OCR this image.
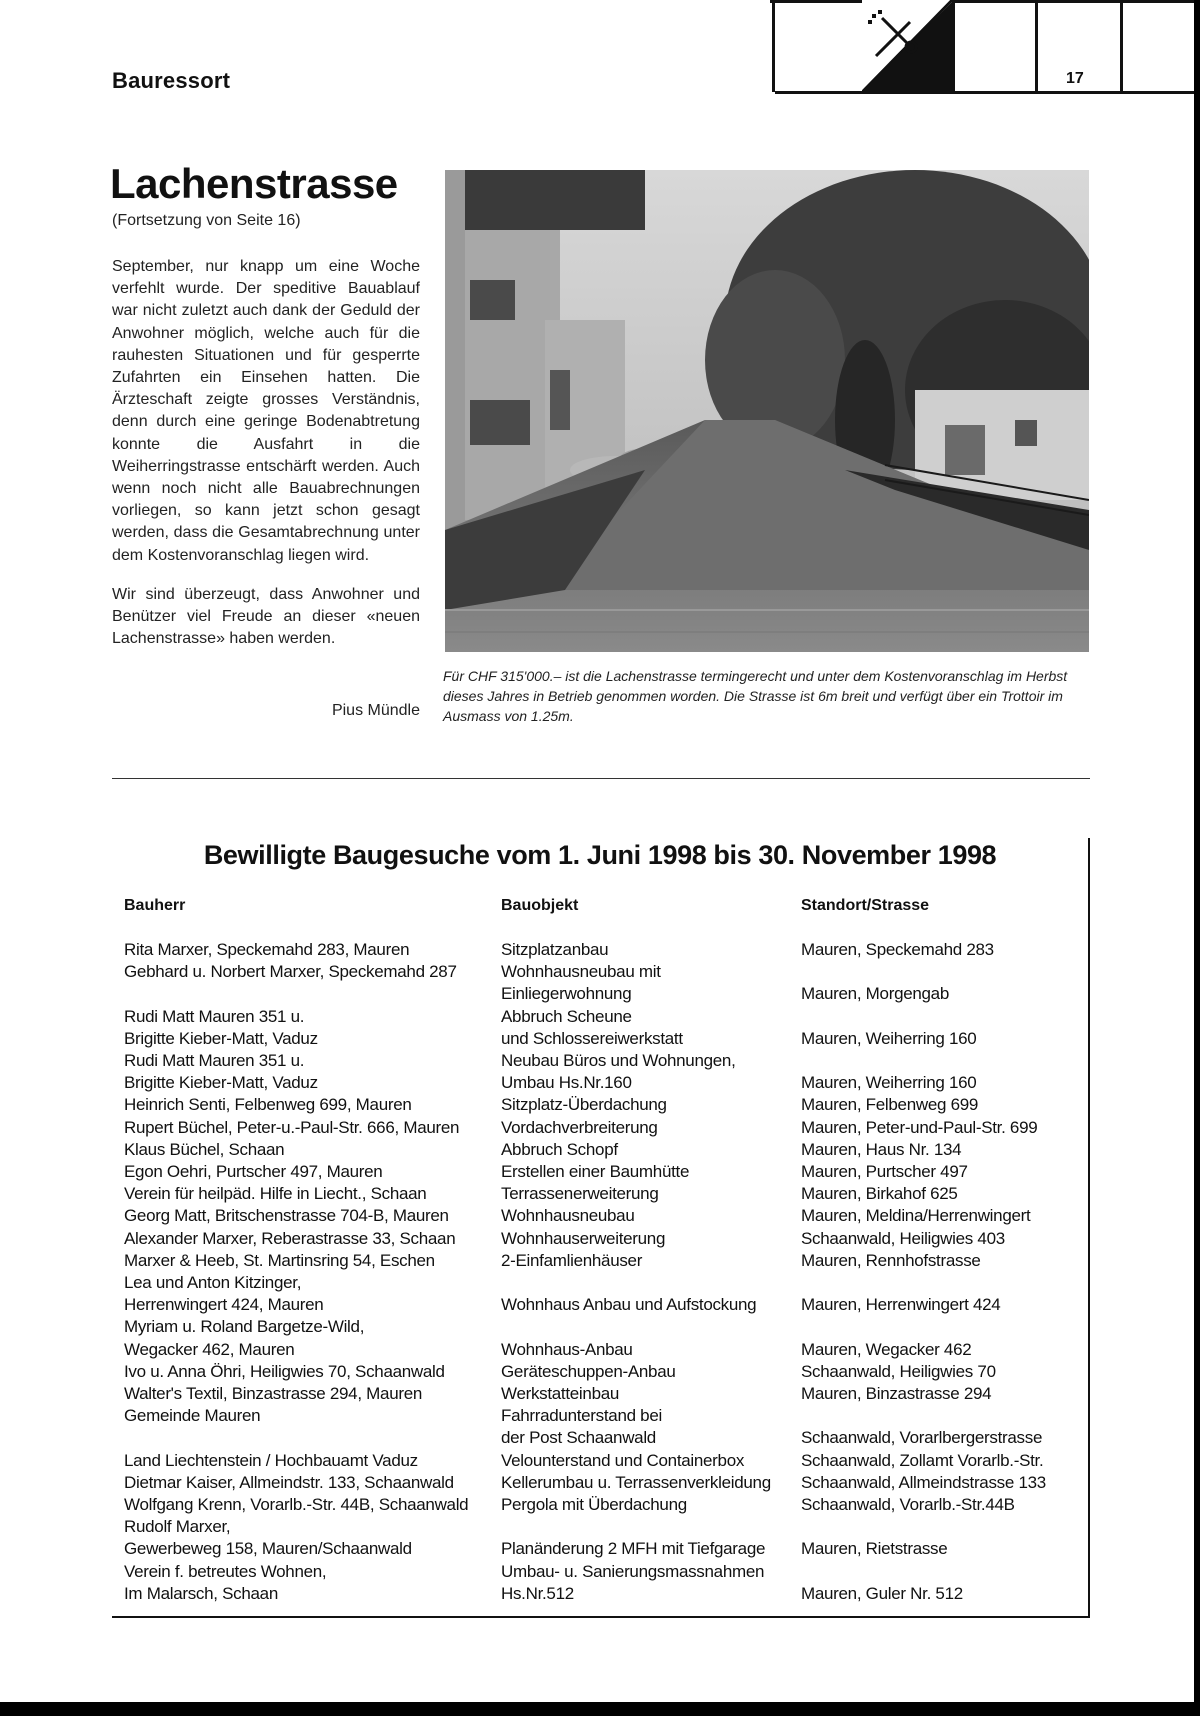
Bauressort	17
Lachenstrasse
(Fortsetzung von Seite 16)

September, nur knapp um eine Woche verfehlt wurde. Der speditive Bauablauf war nicht zuletzt auch dank der Geduld der Anwohner möglich, welche auch für die rauhesten Situationen und für gesperrte Zufahrten ein Einsehen hatten. Die Ärzteschaft zeigte grosses Verständnis, denn durch eine geringe Bodenabtretung konnte die Ausfahrt in die Weiherringstrasse entschärft werden. Auch wenn noch nicht alle Bauabrechnungen vorliegen, so kann jetzt schon gesagt werden, dass die Gesamtabrechnung unter dem Kostenvoranschlag liegen wird.

Wir sind überzeugt, dass Anwohner und Benützer viel Freude an dieser «neuen Lachenstrasse» haben werden.

Pius Mündle
Für CHF 315'000.– ist die Lachenstrasse termingerecht und unter dem Kostenvoranschlag im Herbst dieses Jahres in Betrieb genommen worden. Die Strasse ist 6m breit und verfügt über ein Trottoir im Ausmass von 1.25m.
Bewilligte Baugesuche vom 1. Juni 1998 bis 30. November 1998
Bauherr	Bauobjekt	Standort/Strasse
Rita Marxer, Speckemahd 283, Mauren	Sitzplatzanbau	Mauren, Speckemahd 283
Gebhard u. Norbert Marxer, Speckemahd 287	Wohnhausneubau mit	
	Einliegerwohnung	Mauren, Morgengab
Rudi Matt Mauren 351 u.	Abbruch Scheune	
Brigitte Kieber-Matt, Vaduz	und Schlossereiwerkstatt	Mauren, Weiherring 160
Rudi Matt Mauren 351 u.	Neubau Büros und Wohnungen,	
Brigitte Kieber-Matt, Vaduz	Umbau Hs.Nr.160	Mauren, Weiherring 160
Heinrich Senti, Felbenweg 699, Mauren	Sitzplatz-Überdachung	Mauren, Felbenweg 699
Rupert Büchel, Peter-u.-Paul-Str. 666, Mauren	Vordachverbreiterung	Mauren, Peter-und-Paul-Str. 699
Klaus Büchel, Schaan	Abbruch Schopf	Mauren, Haus Nr. 134
Egon Oehri, Purtscher 497, Mauren	Erstellen einer Baumhütte	Mauren, Purtscher 497
Verein für heilpäd. Hilfe in Liecht., Schaan	Terrassenerweiterung	Mauren, Birkahof 625
Georg Matt, Britschenstrasse 704-B, Mauren	Wohnhausneubau	Mauren, Meldina/Herrenwingert
Alexander Marxer, Reberastrasse 33, Schaan	Wohnhauserweiterung	Schaanwald, Heiligwies 403
Marxer & Heeb, St. Martinsring 54, Eschen	2-Einfamlienhäuser	Mauren, Rennhofstrasse
Lea und Anton Kitzinger,		
Herrenwingert 424, Mauren	Wohnhaus Anbau und Aufstockung	Mauren, Herrenwingert 424
Myriam u. Roland Bargetze-Wild,		
Wegacker 462, Mauren	Wohnhaus-Anbau	Mauren, Wegacker 462
Ivo u. Anna Öhri, Heiligwies 70, Schaanwald	Geräteschuppen-Anbau	Schaanwald, Heiligwies 70
Walter's Textil, Binzastrasse 294, Mauren	Werkstatteinbau	Mauren, Binzastrasse 294
Gemeinde Mauren	Fahrradunterstand bei	
	der Post Schaanwald	Schaanwald, Vorarlbergerstrasse
Land Liechtenstein / Hochbauamt Vaduz	Velounterstand und Containerbox	Schaanwald, Zollamt Vorarlb.-Str.
Dietmar Kaiser, Allmeindstr. 133, Schaanwald	Kellerumbau u. Terrassenverkleidung	Schaanwald, Allmeindstrasse 133
Wolfgang Krenn, Vorarlb.-Str. 44B, Schaanwald	Pergola mit Überdachung	Schaanwald, Vorarlb.-Str.44B
Rudolf Marxer,		
Gewerbeweg 158, Mauren/Schaanwald	Planänderung 2 MFH mit Tiefgarage	Mauren, Rietstrasse
Verein f. betreutes Wohnen,	Umbau- u. Sanierungsmassnahmen	
Im Malarsch, Schaan	Hs.Nr.512	Mauren, Guler Nr. 512
